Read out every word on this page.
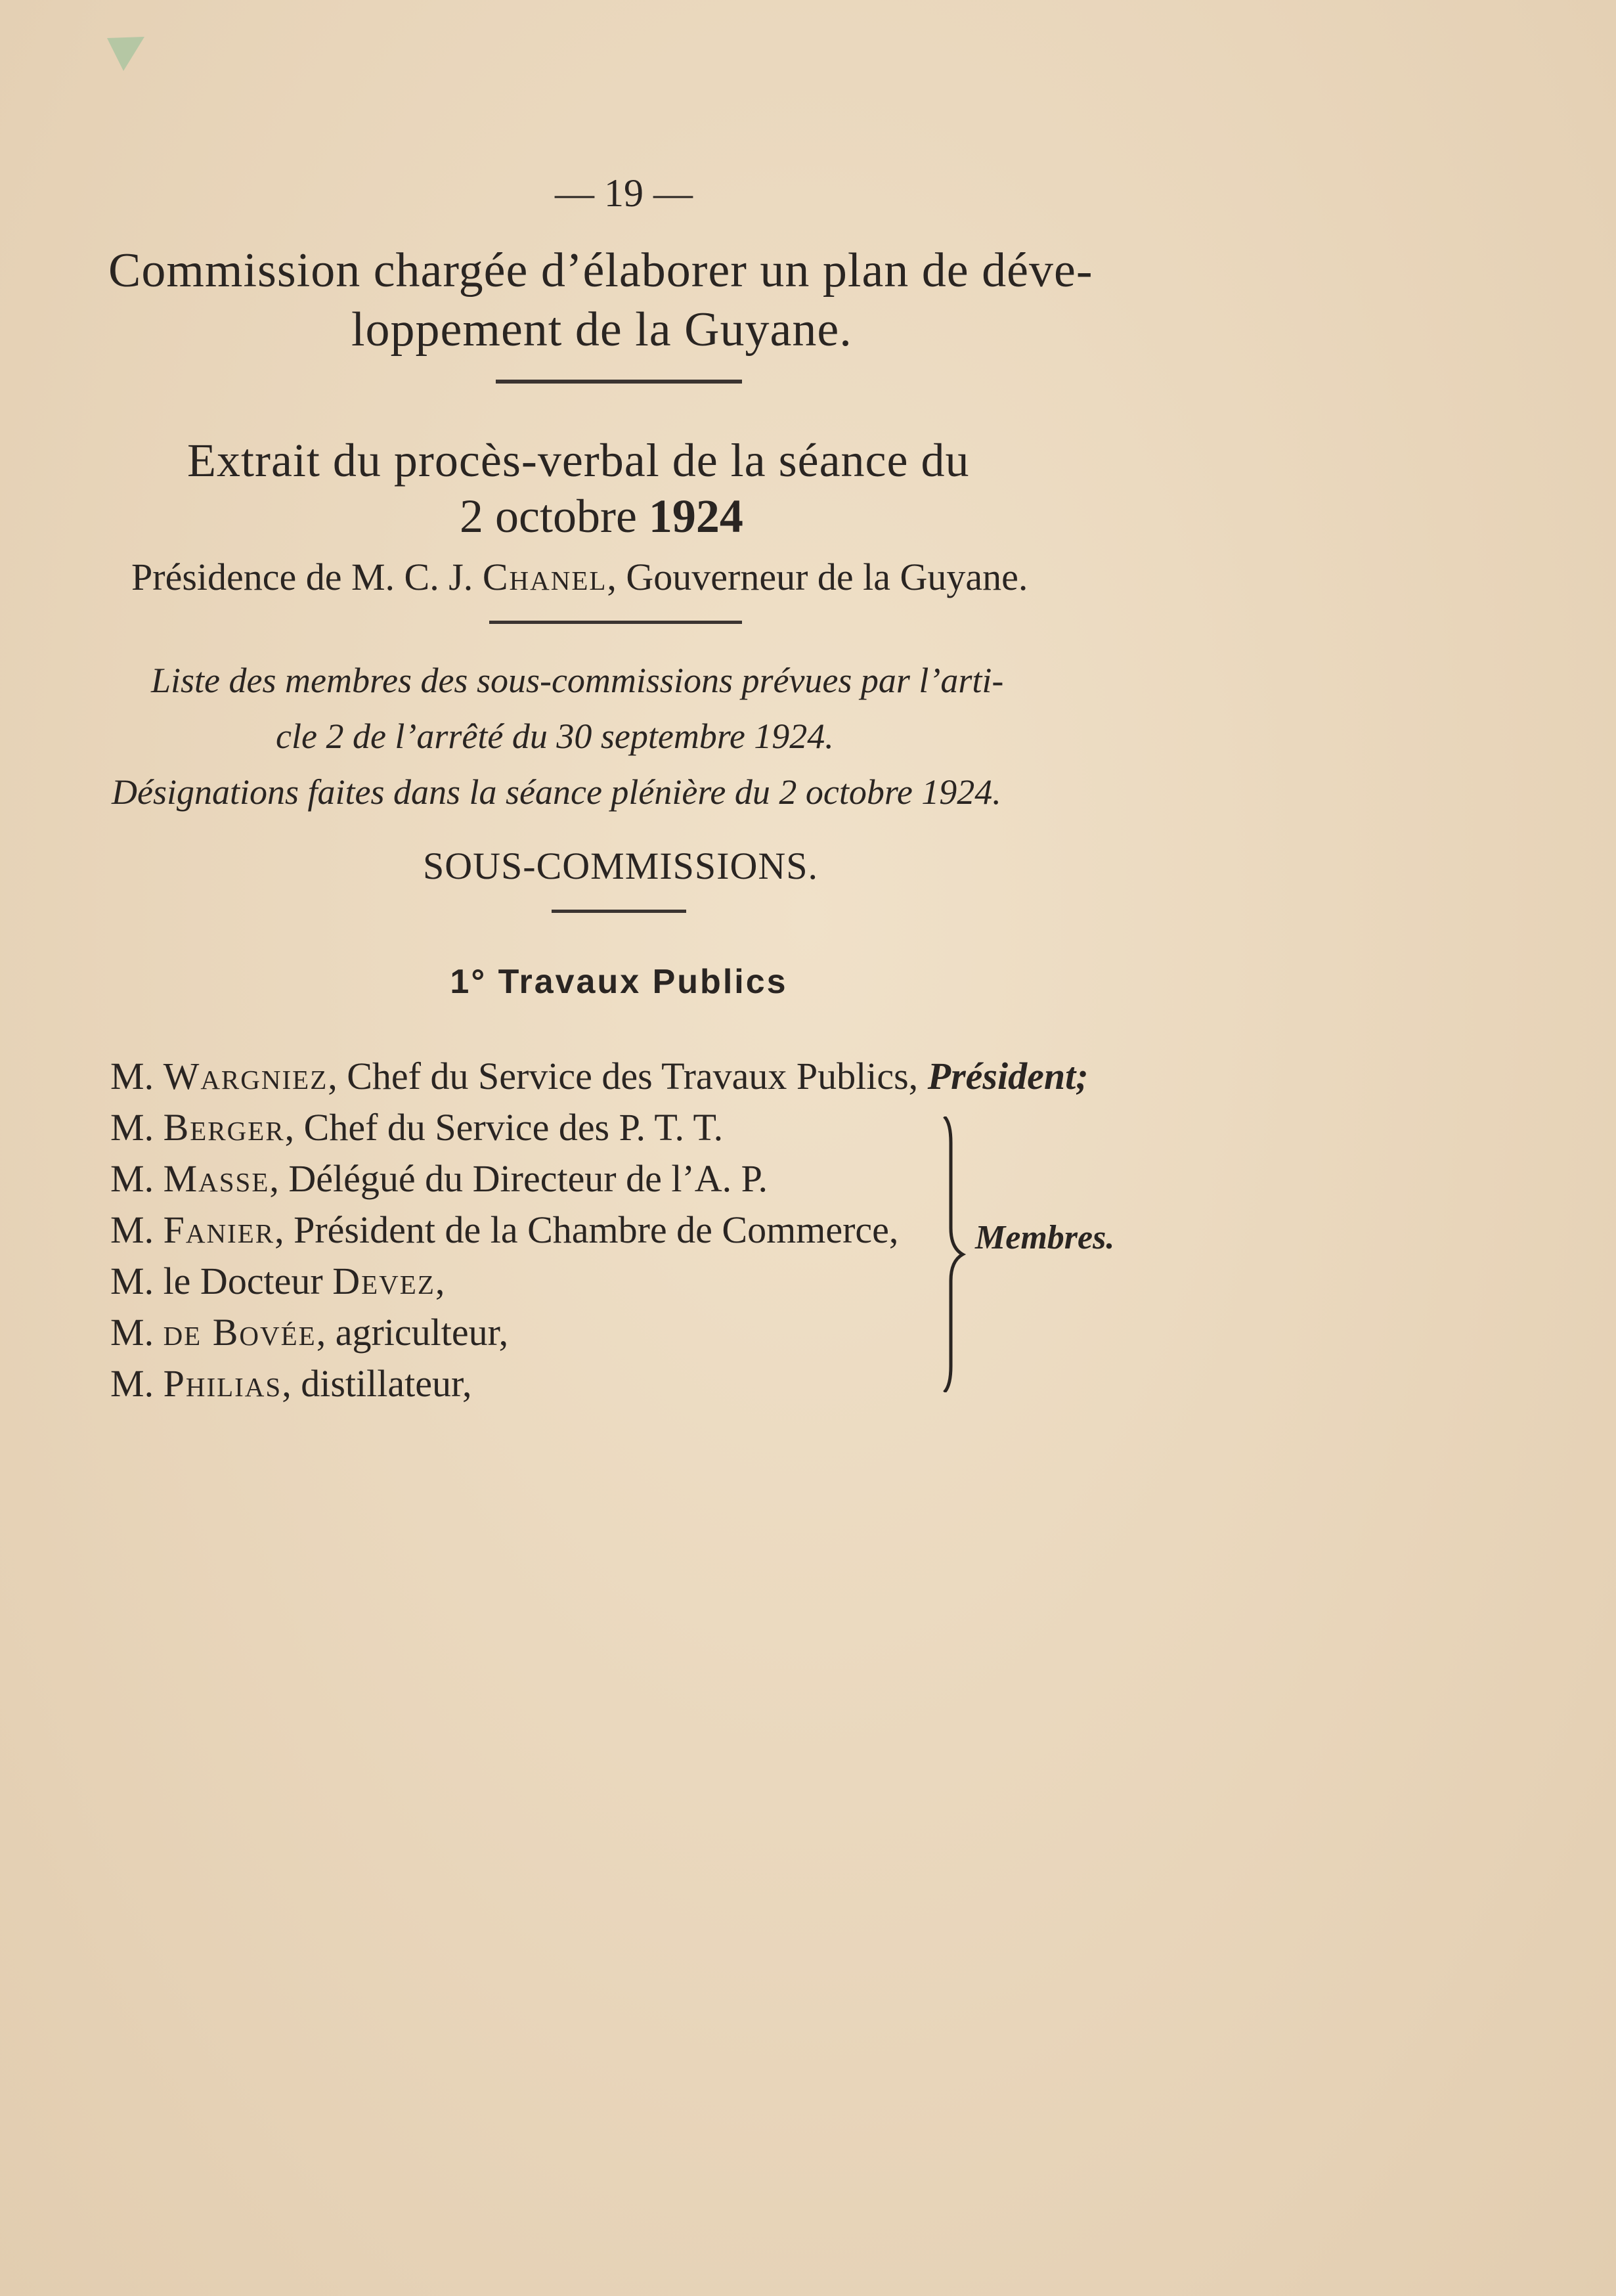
— 19 —
Commission chargée d’élaborer un plan de déve-
loppement de la Guyane.
Extrait du procès-verbal de la séance du
2 octobre 1924
Présidence de M. C. J. Chanel, Gouverneur de la Guyane.
Liste des membres des sous-commissions prévues par l’arti-
cle 2 de l’arrêté du 30 septembre 1924.
Désignations faites dans la séance plénière du 2 octobre 1924.
SOUS-COMMISSIONS.
1° Travaux Publics
M. Wargniez, Chef du Service des Travaux Publics, Président;
M. Berger, Chef du Service des P. T. T.
M. Masse, Délégué du Directeur de l’A. P.
M. Fanier, Président de la Chambre de Commerce,
M. le Docteur Devez,
M. de Bovée, agriculteur,
M. Philias, distillateur,
Membres.
